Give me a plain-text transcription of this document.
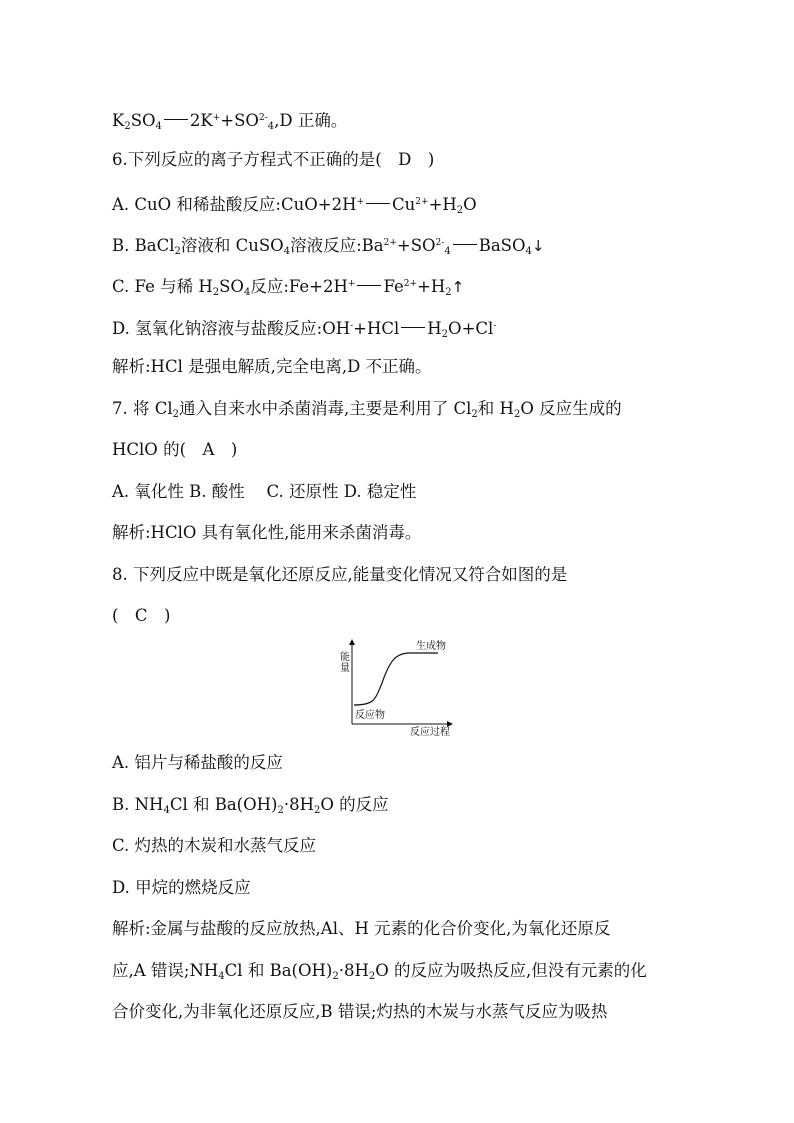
$K_2SO_4$ $2K^++SO^{2-}_4,D$ 正确。
6.下列反应的离子方程式不正确的是(　D　)
A. CuO 和稀盐酸反应:CuO+2H+ $Cu^{2+}+H_2O$
B. BaCl$_2$溶液和 CuSO$_4$溶液反应$:Ba^{2+}+SO^{2-}_4$ BaSO$_4$↓
C. Fe 与稀 $H_2SO_4$反应:Fe+2H+ $Fe^{2+}+H_2↑$
D. 氢氧化钠溶液与盐酸反应:OH-+HCl $H_2O+Cl^-$
解析:HCl 是强电解质,完全电离,D 不正确。
7. 将 $Cl_2$通入自来水中杀菌消毒,主要是利用了 $Cl_2$和 $H_2O$ 反应生成的
HClO 的(　A　)
A. 氧化性 B. 酸性　 C. 还原性 D. 稳定性
解析:HClO 具有氧化性,能用来杀菌消毒。
8. 下列反应中既是氧化还原反应,能量变化情况又符合如图的是
(　C　)
能
量
生成物
反应物
反应过程
A. 铝片与稀盐酸的反应
B. $NH_4Cl$ 和 $Ba(OH)_2\cdot 8H_2O$ 的反应
C. 灼热的木炭和水蒸气反应
D. 甲烷的燃烧反应
解析:金属与盐酸的反应放热,Al、H 元素的化合价变化,为氧化还原反
应,A 错误$;NH_4Cl$ 和 $Ba(OH)_2\cdot 8H_2O$ 的反应为吸热反应,但没有元素的化
合价变化,为非氧化还原反应,B 错误;灼热的木炭与水蒸气反应为吸热
